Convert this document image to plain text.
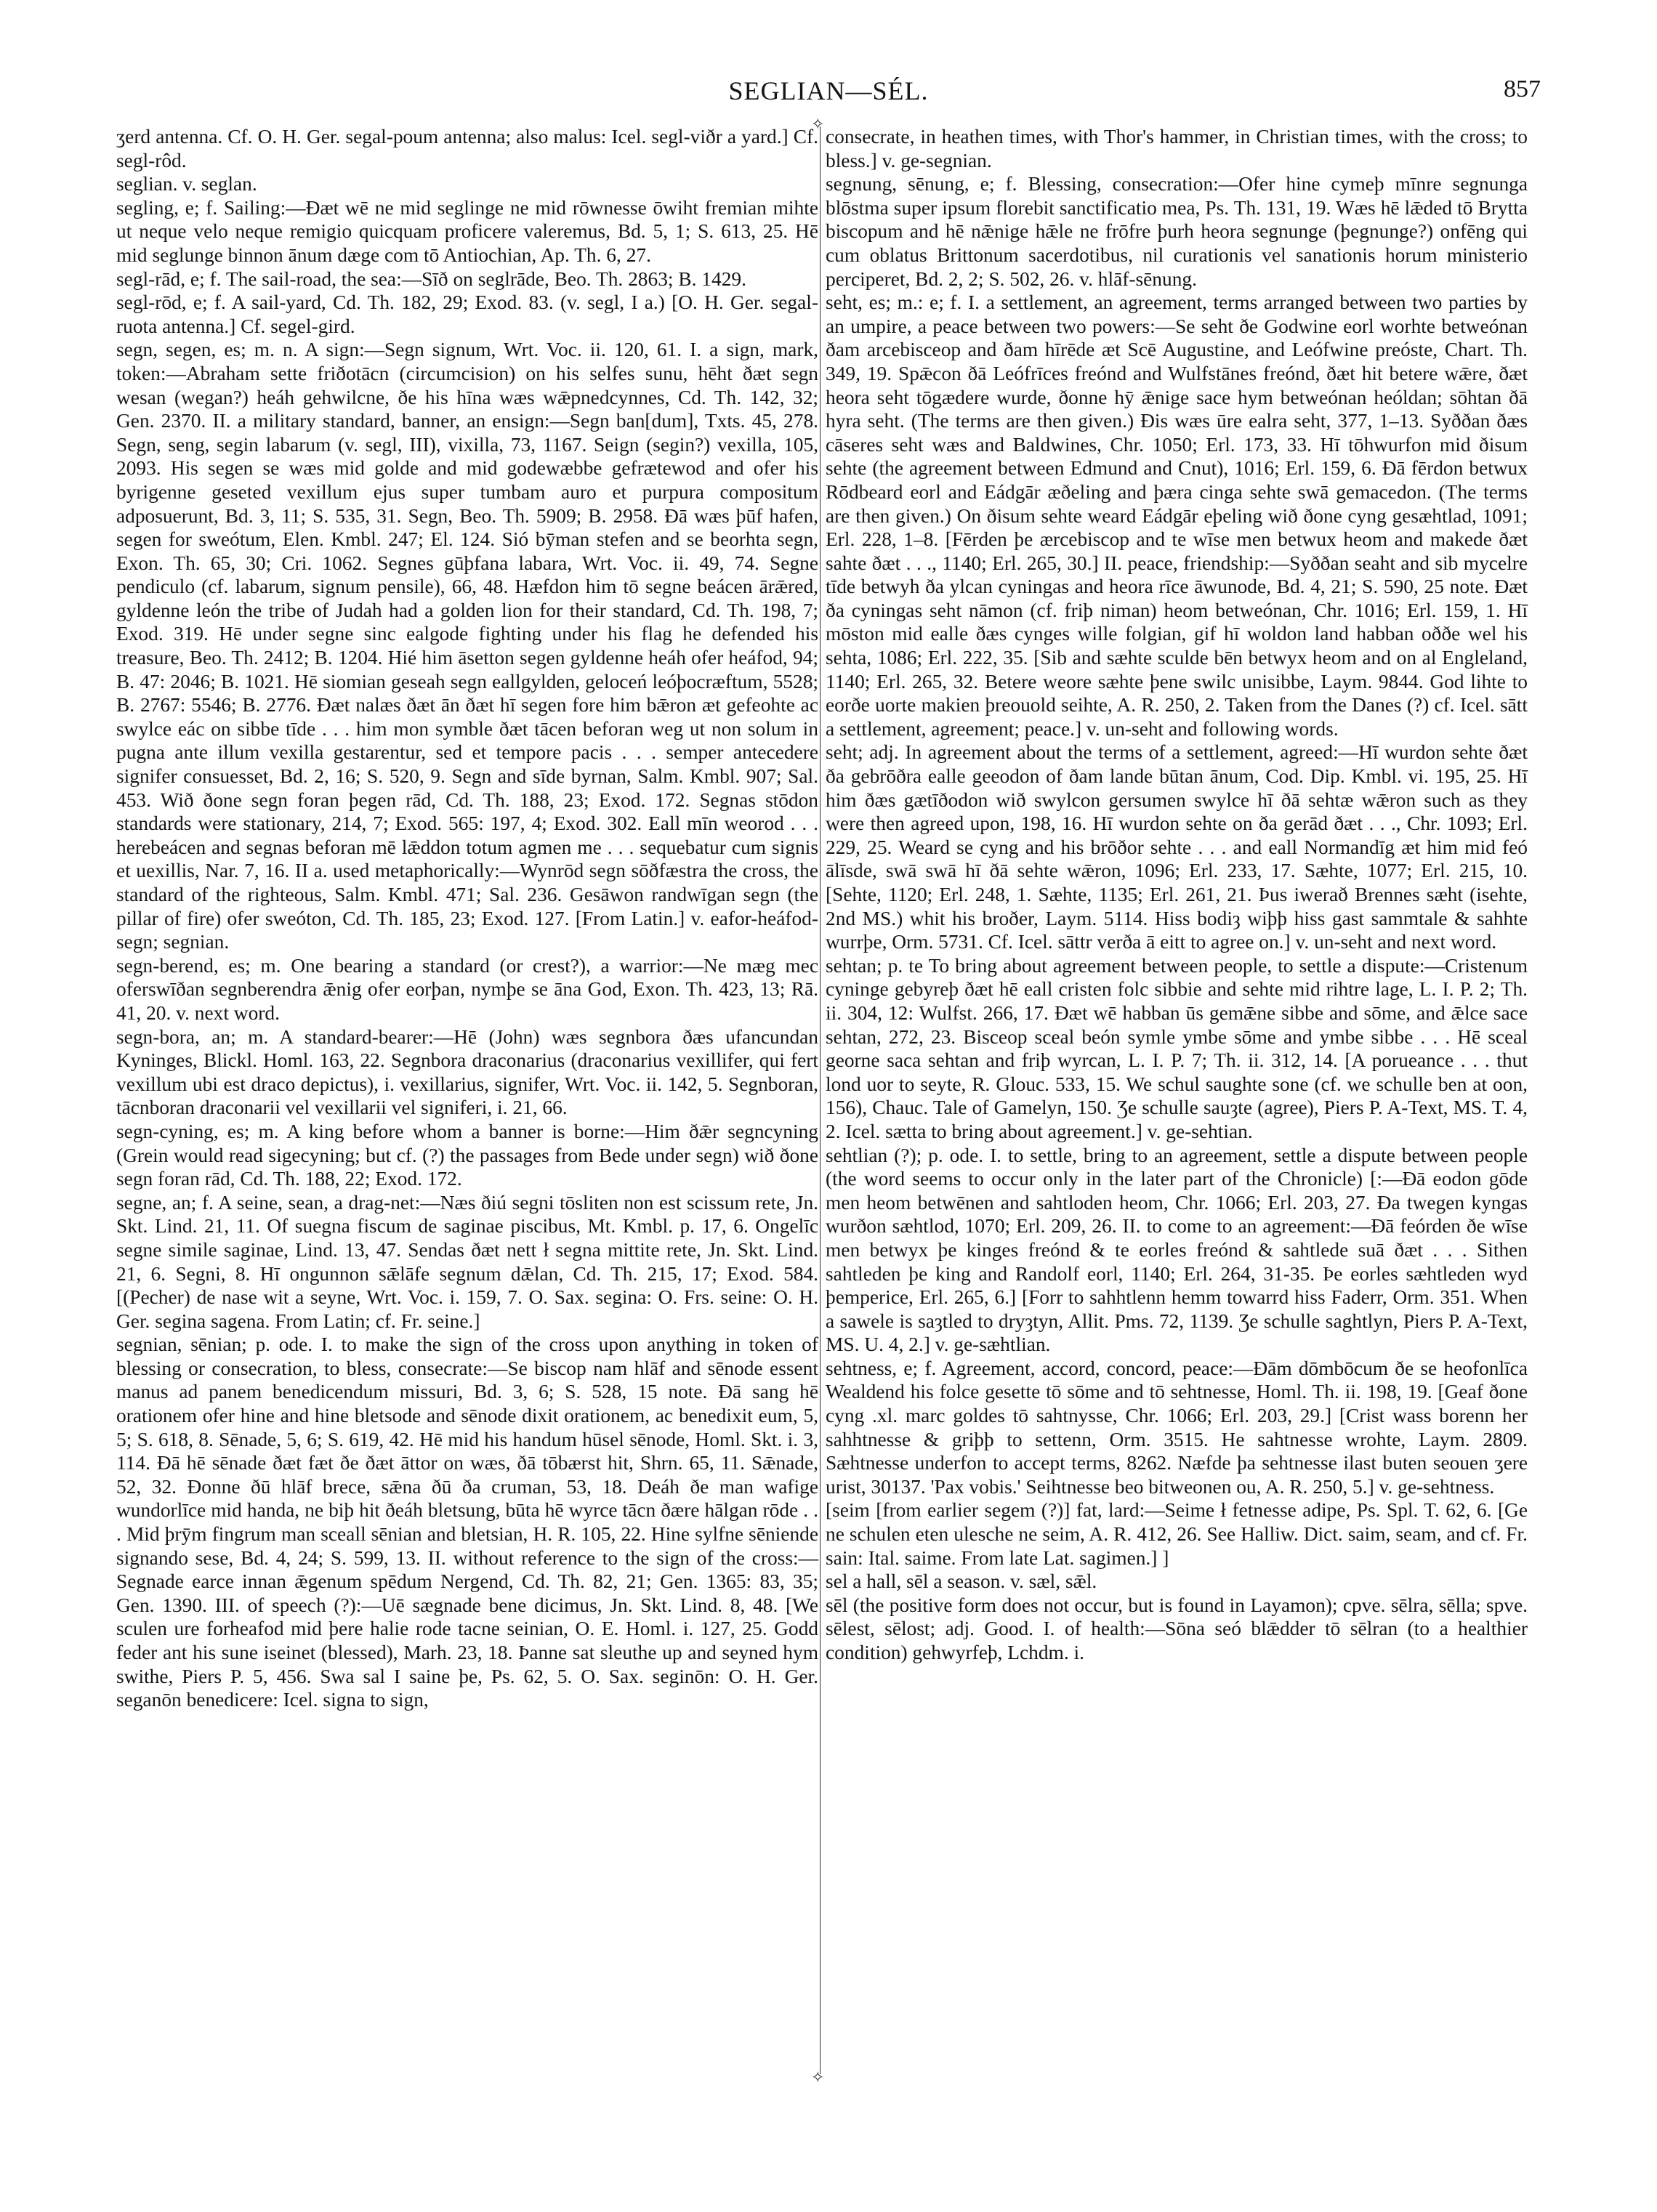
SEGLIAN—SÉL.	857
✧
✧

ʒerd antenna. Cf. O. H. Ger. segal-poum antenna; also malus: Icel. segl-viðr a yard.] Cf. segl-rôd.

seglian. v. seglan.

segling, e; f. Sailing:—Ðæt wē ne mid seglinge ne mid rōwnesse ōwiht fremian mihte ut neque velo neque remigio quicquam proficere valeremus, Bd. 5, 1; S. 613, 25. Hē mid seglunge binnon ānum dæge com tō Antiochian, Ap. Th. 6, 27.

segl-rād, e; f. The sail-road, the sea:—Sīð on seglrāde, Beo. Th. 2863; B. 1429.

segl-rōd, e; f. A sail-yard, Cd. Th. 182, 29; Exod. 83. (v. segl, I a.) [O. H. Ger. segal-ruota antenna.] Cf. segel-gird.

segn, segen, es; m. n. A sign:—Segn signum, Wrt. Voc. ii. 120, 61. I. a sign, mark, token:—Abraham sette friðotācn (circumcision) on his selfes sunu, hēht ðæt segn wesan (wegan?) heáh gehwilcne, ðe his hīna wæs wǣpnedcynnes, Cd. Th. 142, 32; Gen. 2370. II. a military standard, banner, an ensign:—Segn ban[dum], Txts. 45, 278. Segn, seng, segin labarum (v. segl, III), vixilla, 73, 1167. Seign (segin?) vexilla, 105, 2093. His segen se wæs mid golde and mid godewæbbe gefrætewod and ofer his byrigenne geseted vexillum ejus super tumbam auro et purpura compositum adposuerunt, Bd. 3, 11; S. 535, 31. Segn, Beo. Th. 5909; B. 2958. Ðā wæs þūf hafen, segen for sweótum, Elen. Kmbl. 247; El. 124. Sió bȳman stefen and se beorhta segn, Exon. Th. 65, 30; Cri. 1062. Segnes gūþfana labara, Wrt. Voc. ii. 49, 74. Segne pendiculo (cf. labarum, signum pensile), 66, 48. Hæfdon him tō segne beácen ārǣred, gyldenne león the tribe of Judah had a golden lion for their standard, Cd. Th. 198, 7; Exod. 319. Hē under segne sinc ealgode fighting under his flag he defended his treasure, Beo. Th. 2412; B. 1204. Hié him āsetton segen gyldenne heáh ofer heáfod, 94; B. 47: 2046; B. 1021. Hē siomian geseah segn eallgylden, geloceń leóþocræftum, 5528; B. 2767: 5546; B. 2776. Ðæt nalæs ðæt ān ðæt hī segen fore him bǣron æt gefeohte ac swylce eác on sibbe tīde . . . him mon symble ðæt tācen beforan weg ut non solum in pugna ante illum vexilla gestarentur, sed et tempore pacis . . . semper antecedere signifer consuesset, Bd. 2, 16; S. 520, 9. Segn and sīde byrnan, Salm. Kmbl. 907; Sal. 453. Wið ðone segn foran þegen rād, Cd. Th. 188, 23; Exod. 172. Segnas stōdon standards were stationary, 214, 7; Exod. 565: 197, 4; Exod. 302. Eall mīn weorod . . . herebeácen and segnas beforan mē lǣddon totum agmen me . . . sequebatur cum signis et uexillis, Nar. 7, 16. II a. used metaphorically:—Wynrōd segn sōðfæstra the cross, the standard of the righteous, Salm. Kmbl. 471; Sal. 236. Gesāwon randwīgan segn (the pillar of fire) ofer sweóton, Cd. Th. 185, 23; Exod. 127. [From Latin.] v. eafor-heáfod-segn; segnian.

segn-berend, es; m. One bearing a standard (or crest?), a warrior:—Ne mæg mec oferswīðan segnberendra ǣnig ofer eorþan, nymþe se āna God, Exon. Th. 423, 13; Rā. 41, 20. v. next word.

segn-bora, an; m. A standard-bearer:—Hē (John) wæs segnbora ðæs ufancundan Kyninges, Blickl. Homl. 163, 22. Segnbora draconarius (draconarius vexillifer, qui fert vexillum ubi est draco depictus), i. vexillarius, signifer, Wrt. Voc. ii. 142, 5. Segnboran, tācnboran draconarii vel vexillarii vel signiferi, i. 21, 66.

segn-cyning, es; m. A king before whom a banner is borne:—Him ðǣr segncyning (Grein would read sigecyning; but cf. (?) the passages from Bede under segn) wið ðone segn foran rād, Cd. Th. 188, 22; Exod. 172.

segne, an; f. A seine, sean, a drag-net:—Næs ðiú segni tōsliten non est scissum rete, Jn. Skt. Lind. 21, 11. Of suegna fiscum de saginae piscibus, Mt. Kmbl. p. 17, 6. Ongelīc segne simile saginae, Lind. 13, 47. Sendas ðæt nett ł segna mittite rete, Jn. Skt. Lind. 21, 6. Segni, 8. Hī ongunnon sǣlāfe segnum dǣlan, Cd. Th. 215, 17; Exod. 584. [(Pecher) de nase wit a seyne, Wrt. Voc. i. 159, 7. O. Sax. segina: O. Frs. seine: O. H. Ger. segina sagena. From Latin; cf. Fr. seine.]

segnian, sēnian; p. ode. I. to make the sign of the cross upon anything in token of blessing or consecration, to bless, consecrate:—Se biscop nam hlāf and sēnode essent manus ad panem benedicendum missuri, Bd. 3, 6; S. 528, 15 note. Ðā sang hē orationem ofer hine and hine bletsode and sēnode dixit orationem, ac benedixit eum, 5, 5; S. 618, 8. Sēnade, 5, 6; S. 619, 42. Hē mid his handum hūsel sēnode, Homl. Skt. i. 3, 114. Ðā hē sēnade ðæt fæt ðe ðæt āttor on wæs, ðā tōbærst hit, Shrn. 65, 11. Sǣnade, 52, 32. Ðonne ðū hlāf brece, sǣna ðū ða cruman, 53, 18. Deáh ðe man wafige wundorlīce mid handa, ne biþ hit ðeáh bletsung, būta hē wyrce tācn ðære hālgan rōde . . . Mid þrȳm fingrum man sceall sēnian and bletsian, H. R. 105, 22. Hine sylfne sēniende signando sese, Bd. 4, 24; S. 599, 13. II. without reference to the sign of the cross:—Segnade earce innan ǣgenum spēdum Nergend, Cd. Th. 82, 21; Gen. 1365: 83, 35; Gen. 1390. III. of speech (?):—Uē sægnade bene dicimus, Jn. Skt. Lind. 8, 48. [We sculen ure forheafod mid þere halie rode tacne seinian, O. E. Homl. i. 127, 25. Godd feder ant his sune iseinet (blessed), Marh. 23, 18. Þanne sat sleuthe up and seyned hym swithe, Piers P. 5, 456. Swa sal I saine þe, Ps. 62, 5. O. Sax. seginōn: O. H. Ger. seganōn benedicere: Icel. signa to sign,

consecrate, in heathen times, with Thor's hammer, in Christian times, with the cross; to bless.] v. ge-segnian.

segnung, sēnung, e; f. Blessing, consecration:—Ofer hine cymeþ mīnre segnunga blōstma super ipsum florebit sanctificatio mea, Ps. Th. 131, 19. Wæs hē lǣded tō Brytta biscopum and hē nǣnige hǣle ne frōfre þurh heora segnunge (þegnunge?) onfēng qui cum oblatus Brittonum sacerdotibus, nil curationis vel sanationis horum ministerio perciperet, Bd. 2, 2; S. 502, 26. v. hlāf-sēnung.

seht, es; m.: e; f. I. a settlement, an agreement, terms arranged between two parties by an umpire, a peace between two powers:—Se seht ðe Godwine eorl worhte betweónan ðam arcebisceop and ðam hīrēde æt Scē Augustine, and Leófwine preóste, Chart. Th. 349, 19. Spǣcon ðā Leófrīces freónd and Wulfstānes freónd, ðæt hit betere wǣre, ðæt heora seht tōgædere wurde, ðonne hȳ ǣnige sace hym betweónan heóldan; sōhtan ðā hyra seht. (The terms are then given.) Ðis wæs ūre ealra seht, 377, 1–13. Syððan ðæs cāseres seht wæs and Baldwines, Chr. 1050; Erl. 173, 33. Hī tōhwurfon mid ðisum sehte (the agreement between Edmund and Cnut), 1016; Erl. 159, 6. Ðā fērdon betwux Rōdbeard eorl and Eádgār æðeling and þæra cinga sehte swā gemacedon. (The terms are then given.) On ðisum sehte weard Eádgār eþeling wið ðone cyng gesæhtlad, 1091; Erl. 228, 1–8. [Fērden þe ærcebiscop and te wīse men betwux heom and makede ðæt sahte ðæt . . ., 1140; Erl. 265, 30.] II. peace, friendship:—Syððan seaht and sib mycelre tīde betwyh ða ylcan cyningas and heora rīce āwunode, Bd. 4, 21; S. 590, 25 note. Ðæt ða cyningas seht nāmon (cf. friþ niman) heom betweónan, Chr. 1016; Erl. 159, 1. Hī mōston mid ealle ðæs cynges wille folgian, gif hī woldon land habban oððe wel his sehta, 1086; Erl. 222, 35. [Sib and sæhte sculde bēn betwyx heom and on al Engleland, 1140; Erl. 265, 32. Betere weore sæhte þene swilc unisibbe, Laym. 9844. God lihte to eorðe uorte makien þreouold seihte, A. R. 250, 2. Taken from the Danes (?) cf. Icel. sātt a settlement, agreement; peace.] v. un-seht and following words.

seht; adj. In agreement about the terms of a settlement, agreed:—Hī wurdon sehte ðæt ða gebrōðra ealle geeodon of ðam lande būtan ānum, Cod. Dip. Kmbl. vi. 195, 25. Hī him ðæs gætīðodon wið swylcon gersumen swylce hī ðā sehtæ wǣron such as they were then agreed upon, 198, 16. Hī wurdon sehte on ða gerād ðæt . . ., Chr. 1093; Erl. 229, 25. Weard se cyng and his brōðor sehte . . . and eall Normandīg æt him mid feó ālīsde, swā swā hī ðā sehte wǣron, 1096; Erl. 233, 17. Sæhte, 1077; Erl. 215, 10. [Sehte, 1120; Erl. 248, 1. Sæhte, 1135; Erl. 261, 21. Þus iwerað Brennes sæht (isehte, 2nd MS.) whit his broðer, Laym. 5114. Hiss bodiȝ wiþþ hiss gast sammtale & sahhte wurrþe, Orm. 5731. Cf. Icel. sāttr verða ā eitt to agree on.] v. un-seht and next word.

sehtan; p. te To bring about agreement between people, to settle a dispute:—Cristenum cyninge gebyreþ ðæt hē eall cristen folc sibbie and sehte mid rihtre lage, L. I. P. 2; Th. ii. 304, 12: Wulfst. 266, 17. Ðæt wē habban ūs gemǣne sibbe and sōme, and ǣlce sace sehtan, 272, 23. Bisceop sceal beón symle ymbe sōme and ymbe sibbe . . . Hē sceal georne saca sehtan and friþ wyrcan, L. I. P. 7; Th. ii. 312, 14. [A porueance . . . thut lond uor to seyte, R. Glouc. 533, 15. We schul saughte sone (cf. we schulle ben at oon, 156), Chauc. Tale of Gamelyn, 150. Ʒe schulle sauȝte (agree), Piers P. A-Text, MS. T. 4, 2. Icel. sætta to bring about agreement.] v. ge-sehtian.

sehtlian (?); p. ode. I. to settle, bring to an agreement, settle a dispute between people (the word seems to occur only in the later part of the Chronicle) [:—Ðā eodon gōde men heom betwēnen and sahtloden heom, Chr. 1066; Erl. 203, 27. Ða twegen kyngas wurðon sæhtlod, 1070; Erl. 209, 26. II. to come to an agreement:—Ðā feórden ðe wīse men betwyx þe kinges freónd & te eorles freónd & sahtlede suā ðæt . . . Sithen sahtleden þe king and Randolf eorl, 1140; Erl. 264, 31-35. Þe eorles sæhtleden wyd þemperice, Erl. 265, 6.] [Forr to sahhtlenn hemm towarrd hiss Faderr, Orm. 351. When a sawele is saȝtled to dryȝtyn, Allit. Pms. 72, 1139. Ʒe schulle saghtlyn, Piers P. A-Text, MS. U. 4, 2.] v. ge-sæhtlian.

sehtness, e; f. Agreement, accord, concord, peace:—Ðām dōmbōcum ðe se heofonlīca Wealdend his folce gesette tō sōme and tō sehtnesse, Homl. Th. ii. 198, 19. [Geaf ðone cyng .xl. marc goldes tō sahtnysse, Chr. 1066; Erl. 203, 29.] [Crist wass borenn her sahhtnesse & griþþ to settenn, Orm. 3515. He sahtnesse wrohte, Laym. 2809. Sæhtnesse underfon to accept terms, 8262. Næfde þa sehtnesse ilast buten seouen ʒere urist, 30137. 'Pax vobis.' Seihtnesse beo bitweonen ou, A. R. 250, 5.] v. ge-sehtness.

[seim [from earlier segem (?)] fat, lard:—Seime ł fetnesse adipe, Ps. Spl. T. 62, 6. [Ge ne schulen eten ulesche ne seim, A. R. 412, 26. See Halliw. Dict. saim, seam, and cf. Fr. sain: Ital. saime. From late Lat. sagimen.] ]

sel a hall, sēl a season. v. sæl, sǣl.

sēl (the positive form does not occur, but is found in Layamon); cpve. sēlra, sēlla; spve. sēlest, sēlost; adj. Good. I. of health:—Sōna seó blǣdder tō sēlran (to a healthier condition) gehwyrfeþ, Lchdm. i.
